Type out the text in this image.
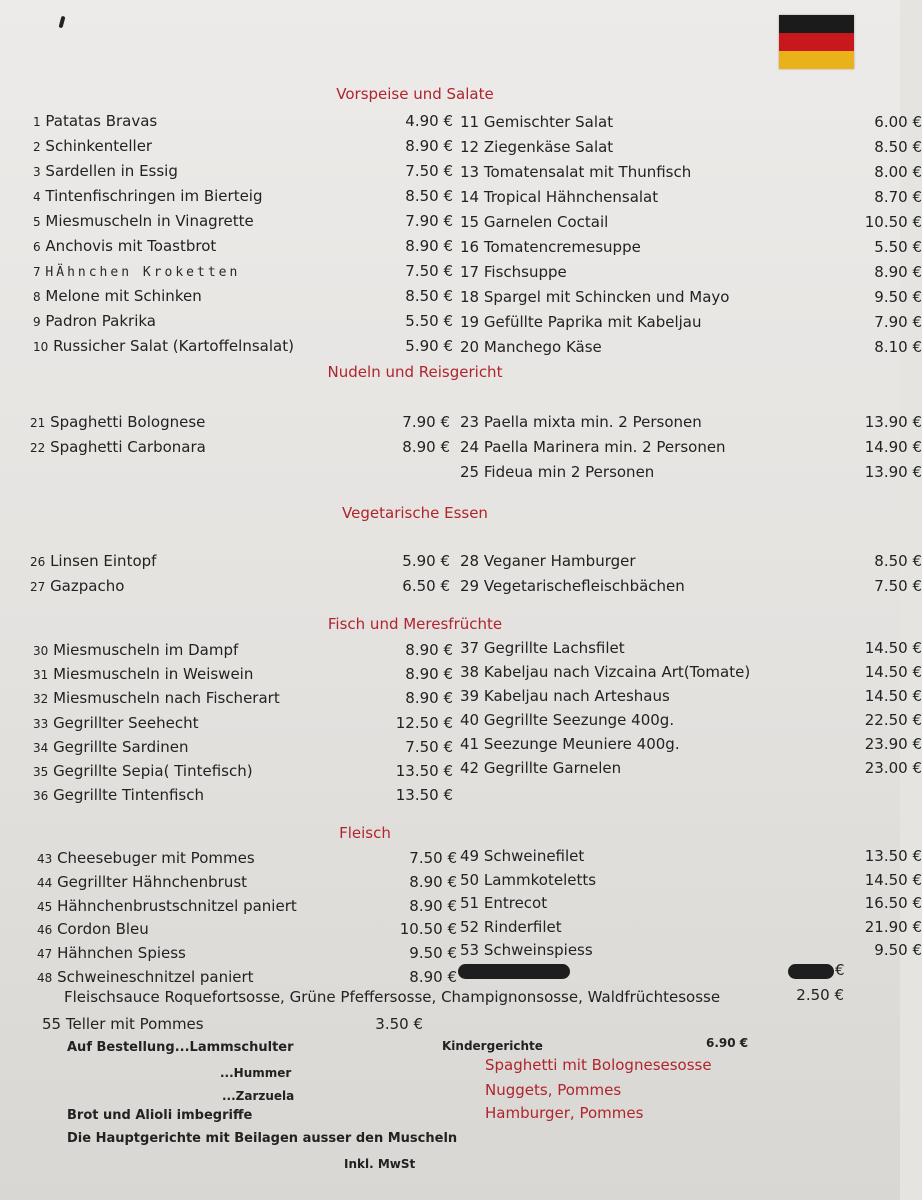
Vorspeise und Salate
Nudeln und Reisgericht
Vegetarische Essen
Fisch und Meresfrüchte
Fleisch
1 Patatas Bravas	4.90 €
2 Schinkenteller	8.90 €
3 Sardellen in Essig	7.50 €
4 Tintenfischringen im Bierteig	8.50 €
5 Miesmuscheln in Vinagrette	7.90 €
6 Anchovis mit Toastbrot	8.90 €
7 HÄhnchen Kroketten	7.50 €
8 Melone mit Schinken	8.50 €
9 Padron Pakrika	5.50 €
10 Russicher Salat (Kartoffelnsalat)	5.90 €
11 Gemischter Salat	6.00 €
12 Ziegenkäse Salat	8.50 €
13 Tomatensalat mit Thunfisch	8.00 €
14 Tropical Hähnchensalat	8.70 €
15 Garnelen Coctail	10.50 €
16 Tomatencremesuppe	5.50 €
17 Fischsuppe	8.90 €
18 Spargel mit Schincken und Mayo	9.50 €
19 Gefüllte Paprika mit Kabeljau	7.90 €
20 Manchego Käse	8.10 €
21 Spaghetti Bolognese	7.90 €
22 Spaghetti Carbonara	8.90 €
23 Paella mixta min. 2 Personen	13.90 €
24 Paella Marinera min. 2 Personen	14.90 €
25 Fideua min 2 Personen	13.90 €
26 Linsen Eintopf	5.90 €
27 Gazpacho	6.50 €
28 Veganer Hamburger	8.50 €
29 Vegetarischefleischbächen	7.50 €
30 Miesmuscheln im Dampf	8.90 €
31 Miesmuscheln in Weiswein	8.90 €
32 Miesmuscheln nach Fischerart	8.90 €
33 Gegrillter Seehecht	12.50 €
34 Gegrillte Sardinen	7.50 €
35 Gegrillte Sepia( Tintefisch)	13.50 €
36 Gegrillte Tintenfisch	13.50 €
37 Gegrillte Lachsfilet	14.50 €
38 Kabeljau nach Vizcaina Art(Tomate)	14.50 €
39 Kabeljau nach Arteshaus	14.50 €
40 Gegrillte Seezunge 400g.	22.50 €
41 Seezunge Meuniere 400g.	23.90 €
42 Gegrillte Garnelen	23.00 €
43 Cheesebuger mit Pommes	7.50 €
44 Gegrillter Hähnchenbrust	8.90 €
45 Hähnchenbrustschnitzel paniert	8.90 €
46 Cordon Bleu	10.50 €
47 Hähnchen Spiess	9.50 €
48 Schweineschnitzel paniert	8.90 €
49 Schweinefilet	13.50 €
50 Lammkoteletts	14.50 €
51 Entrecot	16.50 €
52 Rinderfilet	21.90 €
53 Schweinspiess	9.50 €
€
Fleischsauce Roquefortsosse, Grüne Pfeffersosse, Champignonsosse, Waldfrüchtesosse	2.50 €
55 Teller mit Pommes	3.50 €
Auf Bestellung...Lammschulter
...Hummer
...Zarzuela
Brot und Alioli imbegriffe
Die Hauptgerichte mit Beilagen ausser den Muscheln
Inkl. MwSt
Kindergerichte	6.90 €
Spaghetti mit Bolognesesosse
Nuggets, Pommes
Hamburger, Pommes
